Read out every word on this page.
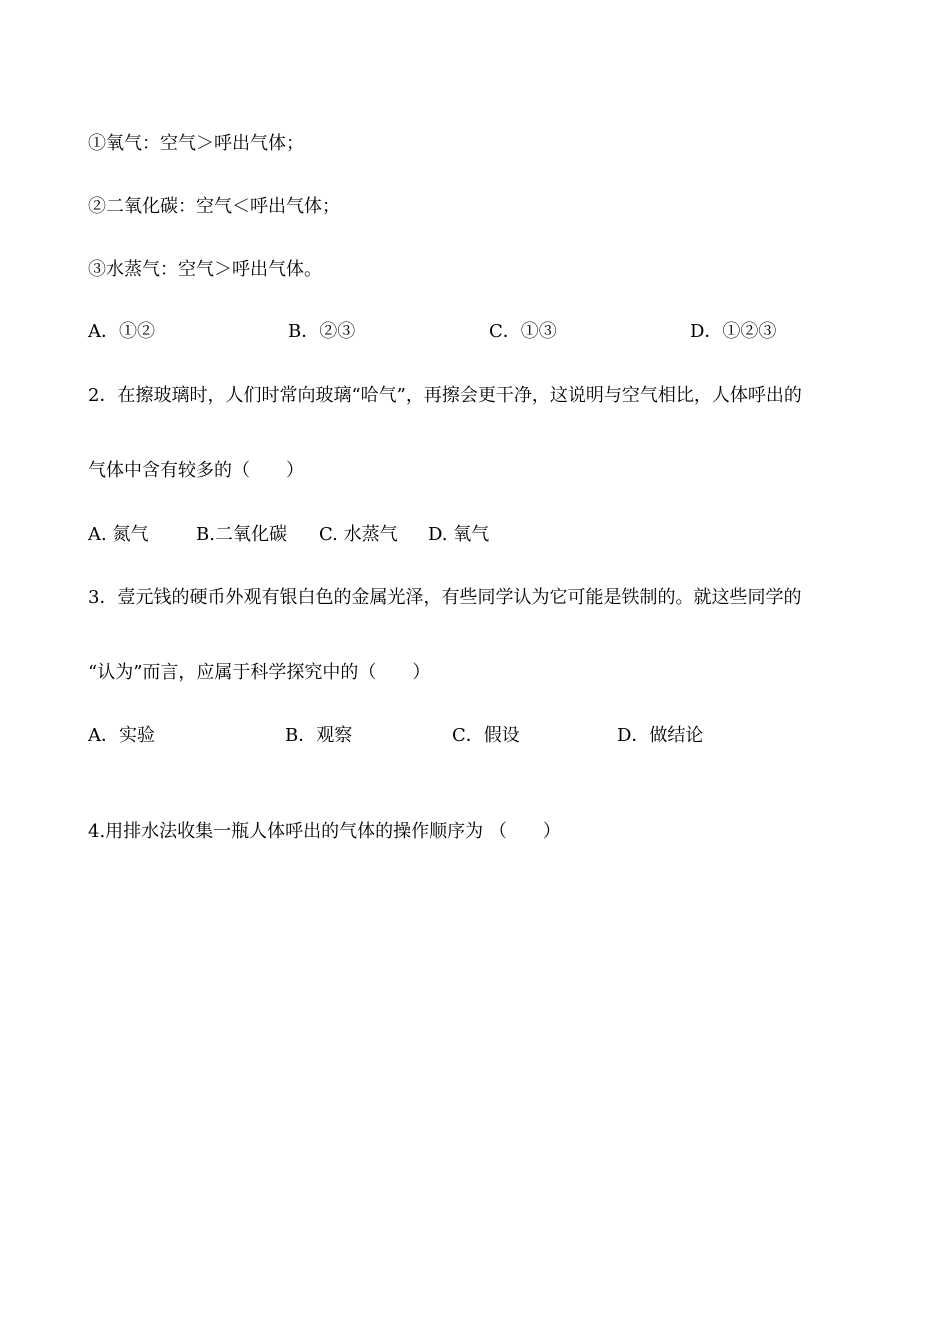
①氧气：空气＞呼出气体；
②二氧化碳：空气＜呼出气体；
③水蒸气：空气＞呼出气体。
A．①②	B．②③	C．①③	D．①②③
2．在擦玻璃时，人们时常向玻璃“哈气”，再擦会更干净，这说明与空气相比，人体呼出的
气体中含有较多的（　　）
A. 氮气	B.二氧化碳 C. 水蒸气 D. 氧气
3．壹元钱的硬币外观有银白色的金属光泽，有些同学认为它可能是铁制的。就这些同学的
“认为”而言，应属于科学探究中的（　　）
A．实验	B．观察	C．假设	D．做结论
4.用排水法收集一瓶人体呼出的气体的操作顺序为 （　　）
